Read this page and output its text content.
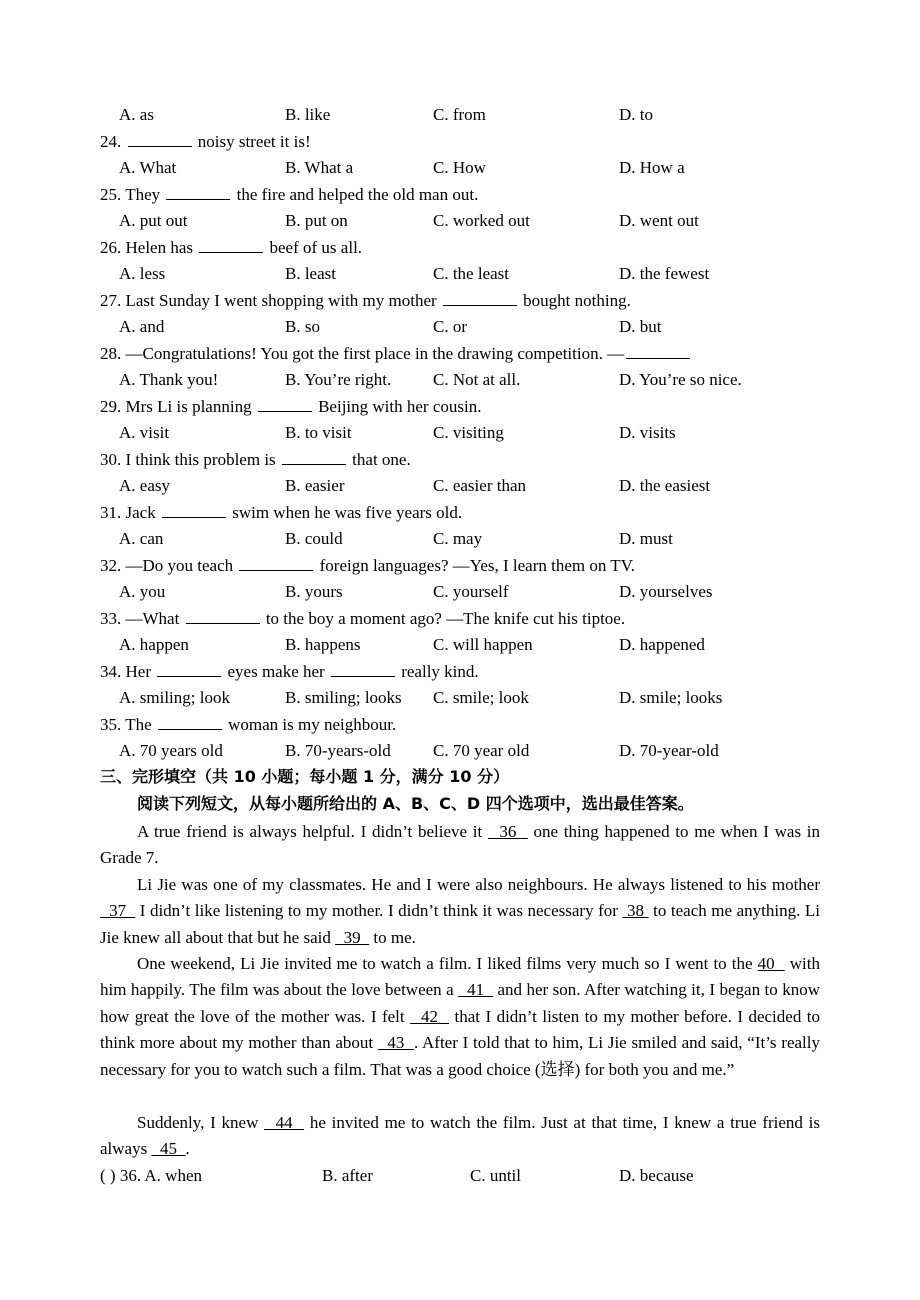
A. as	B. like	C. from	D. to
24.	noisy street it is!
A. What	B. What a	C. How	D. How a
25. They	the fire and helped the old man out.
A. put out	B. put on	C. worked out	D. went out
26. Helen has	beef of us all.
A. less	B. least	C. the least	D. the fewest
27. Last Sunday I went shopping with my mother	bought nothing.
A. and	B. so	C. or	D. but
28. —Congratulations! You got the first place in the drawing competition. —
A. Thank you!	B. You’re right. C. Not at all.	D. You’re so nice.
29. Mrs Li is planning	Beijing with her cousin.
A. visit	B. to visit	C. visiting	D. visits
30. I think this problem is	that one.
A. easy	B. easier	C. easier than	D. the easiest
31. Jack	swim when he was five years old.
A. can	B. could	C. may	D. must
32. —Do you teach	foreign languages? —Yes, I learn them on TV.
A. you	B. yours	C. yourself	D. yourselves
33. —What	to the boy a moment ago? —The knife cut his tiptoe.
A. happen	B. happens	C. will happen	D. happened
34. Her	eyes make her	really kind.
A. smiling; look	B. smiling; looks C. smile; look	D. smile; looks
35. The	woman is my neighbour.
A. 70 years old	B. 70-years-old C. 70 year old	D. 70-year-old
三、完形填空（共 10 小题；每小题 1 分，满分 10 分）
阅读下列短文，从每小题所给出的 A、B、C、D 四个选项中，选出最佳答案。
A true friend is always helpful. I didn’t believe it   36   one thing happened to me when I was in Grade 7.
Li Jie was one of my classmates. He and I were also neighbours. He always listened to his mother   37   I didn’t like listening to my mother. I didn’t think it was necessary for  38  to teach me anything. Li Jie knew all about that but he said   39   to me.
One weekend, Li Jie invited me to watch a film. I liked films very much so I went to the 40   with him happily. The film was about the love between a   41   and her son. After watching it, I began to know how great the love of the mother was. I felt   42   that I didn’t listen to my mother before. I decided to think more about my mother than about   43  . After I told that to him, Li Jie smiled and said, “It’s really necessary for you to watch such a film. That was a good choice (选择) for both you and me.”
Suddenly, I knew   44   he invited me to watch the film. Just at that time, I knew a true friend is always   45  .
( ) 36. A. when	B. after	C. until	D. because
